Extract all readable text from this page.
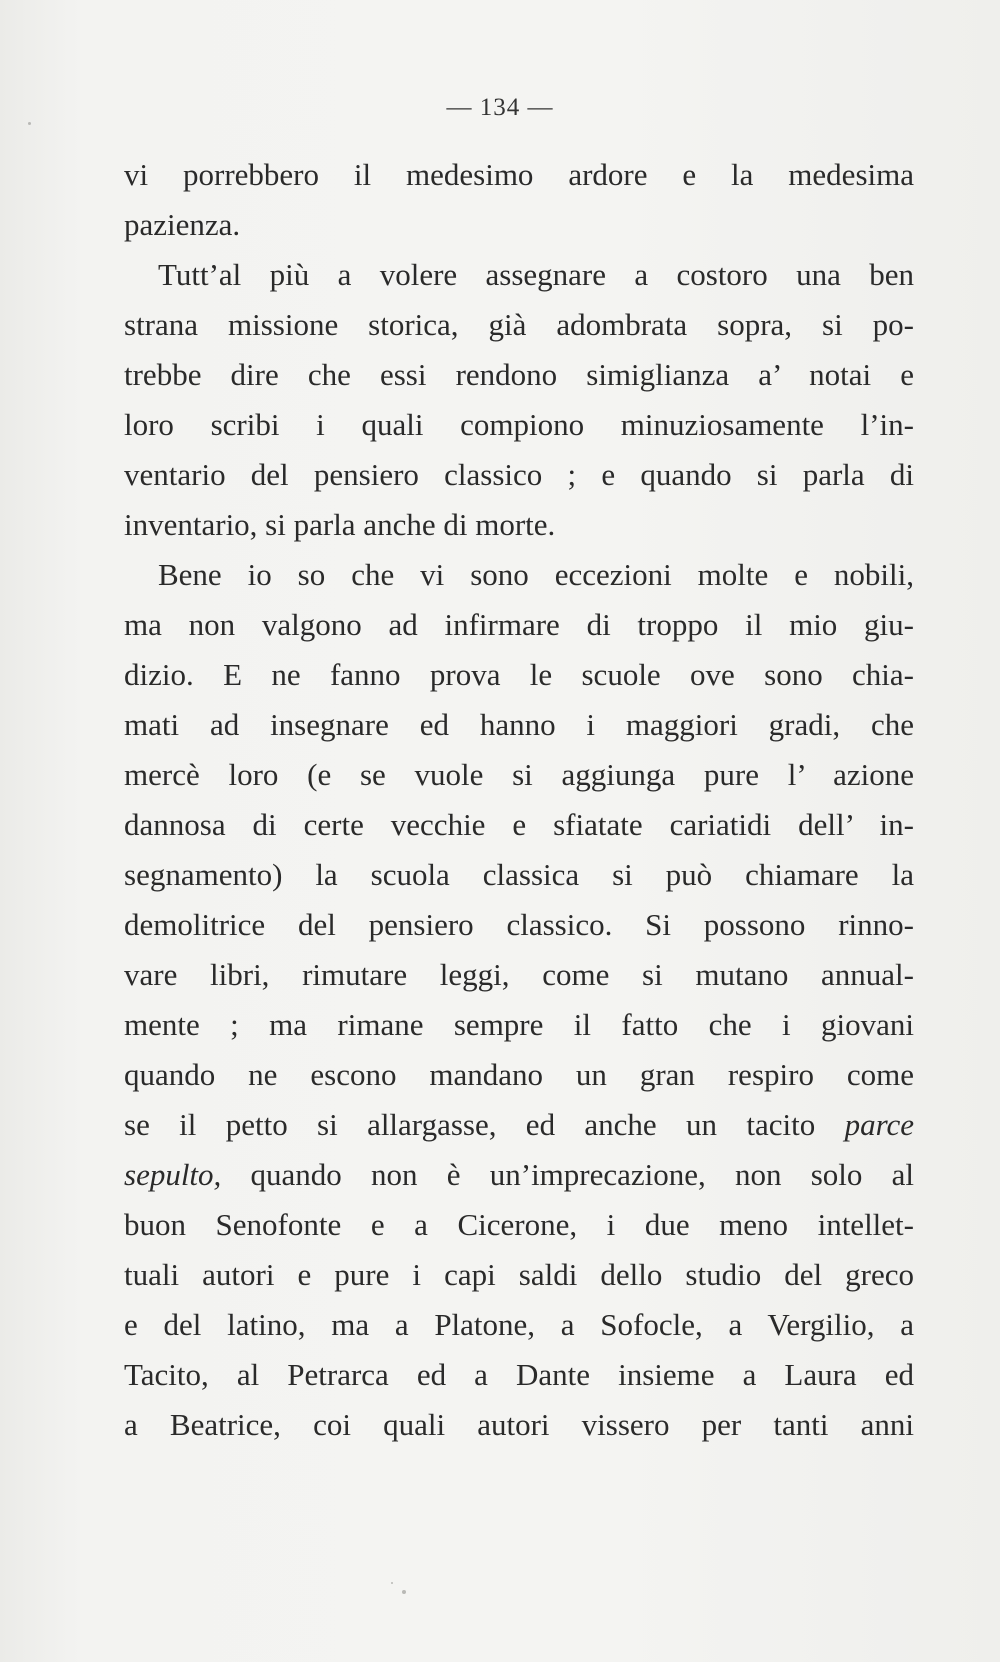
— 134 —
vi porrebbero il medesimo ardore e la medesima
pazienza.
Tutt’al più a volere assegnare a costoro una ben
strana missione storica, già adombrata sopra, si po-
trebbe dire che essi rendono simiglianza a’ notai e
loro scribi i quali compiono minuziosamente l’in-
ventario del pensiero classico ; e quando si parla di
inventario, si parla anche di morte.
Bene io so che vi sono eccezioni molte e nobili,
ma non valgono ad infirmare di troppo il mio giu-
dizio. E ne fanno prova le scuole ove sono chia-
mati ad insegnare ed hanno i maggiori gradi, che
mercè loro (e se vuole si aggiunga pure l’ azione
dannosa di certe vecchie e sfiatate cariatidi dell’ in-
segnamento) la scuola classica si può chiamare la
demolitrice del pensiero classico. Si possono rinno-
vare libri, rimutare leggi, come si mutano annual-
mente ; ma rimane sempre il fatto che i giovani
quando ne escono mandano un gran respiro come
se il petto si allargasse, ed anche un tacito parce
sepulto, quando non è un’imprecazione, non solo al
buon Senofonte e a Cicerone, i due meno intellet-
tuali autori e pure i capi saldi dello studio del greco
e del latino, ma a Platone, a Sofocle, a Vergilio, a
Tacito, al Petrarca ed a Dante insieme a Laura ed
a Beatrice, coi quali autori vissero per tanti anni
